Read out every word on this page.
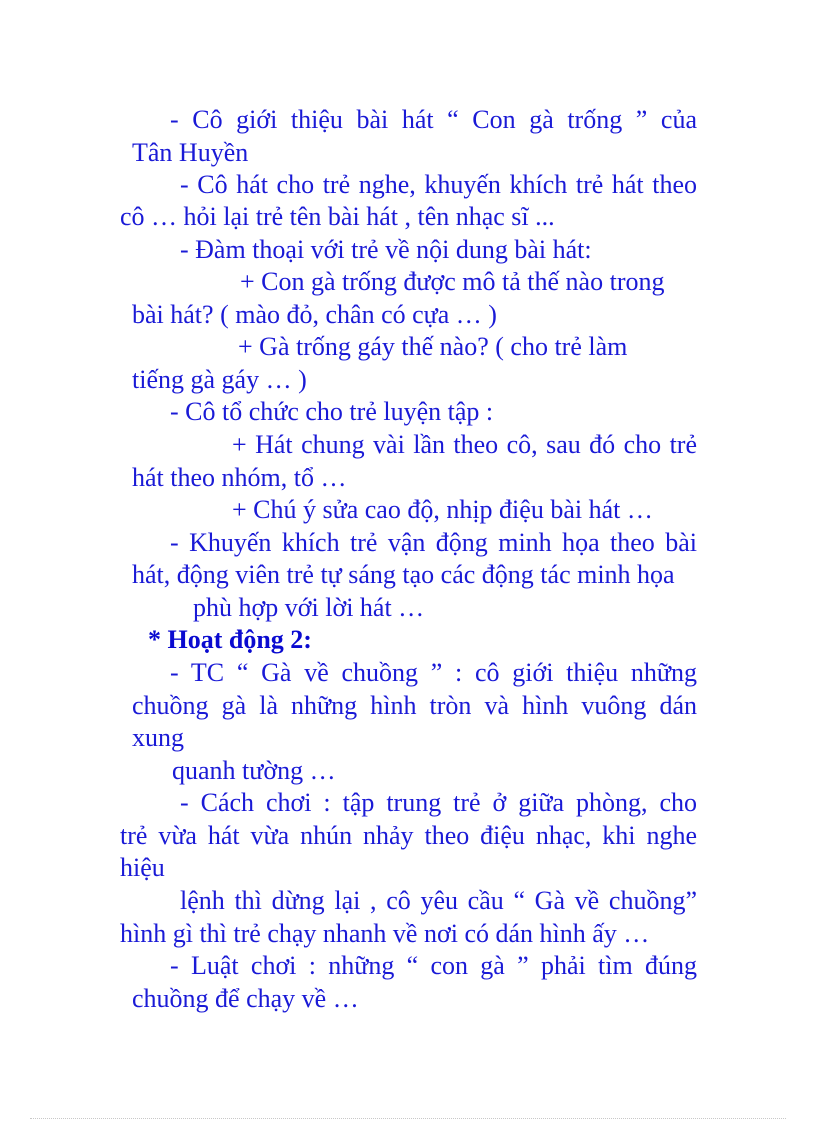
- Cô giới thiệu bài hát “ Con gà trống ” của
Tân Huyền
- Cô hát cho trẻ nghe, khuyến khích trẻ hát theo
cô … hỏi lại trẻ tên bài hát , tên nhạc sĩ ...
- Đàm thoại với trẻ về nội dung bài hát:
+ Con gà trống được mô tả thế nào trong
bài hát? ( mào đỏ, chân có cựa … )
+ Gà trống gáy thế nào? ( cho trẻ làm
tiếng gà gáy … )
- Cô tổ chức cho trẻ luyện tập :
+ Hát chung vài lần theo cô, sau đó cho trẻ
hát theo nhóm, tổ …
+ Chú ý sửa cao độ, nhịp điệu bài hát …
- Khuyến khích trẻ vận động minh họa theo bài
hát, động viên trẻ tự sáng tạo các động tác minh họa
phù hợp với lời hát …
* Hoạt động 2:
- TC “ Gà về chuồng ” : cô giới thiệu những
chuồng gà là những hình tròn và hình vuông dán
xung
quanh tường …
- Cách chơi : tập trung trẻ ở giữa phòng, cho
trẻ vừa hát vừa nhún nhảy theo điệu nhạc, khi nghe
hiệu
lệnh thì dừng lại , cô yêu cầu “ Gà về chuồng”
hình gì thì trẻ chạy nhanh về nơi có dán hình ấy …
- Luật chơi : những “ con gà ” phải tìm đúng
chuồng để chạy về …
